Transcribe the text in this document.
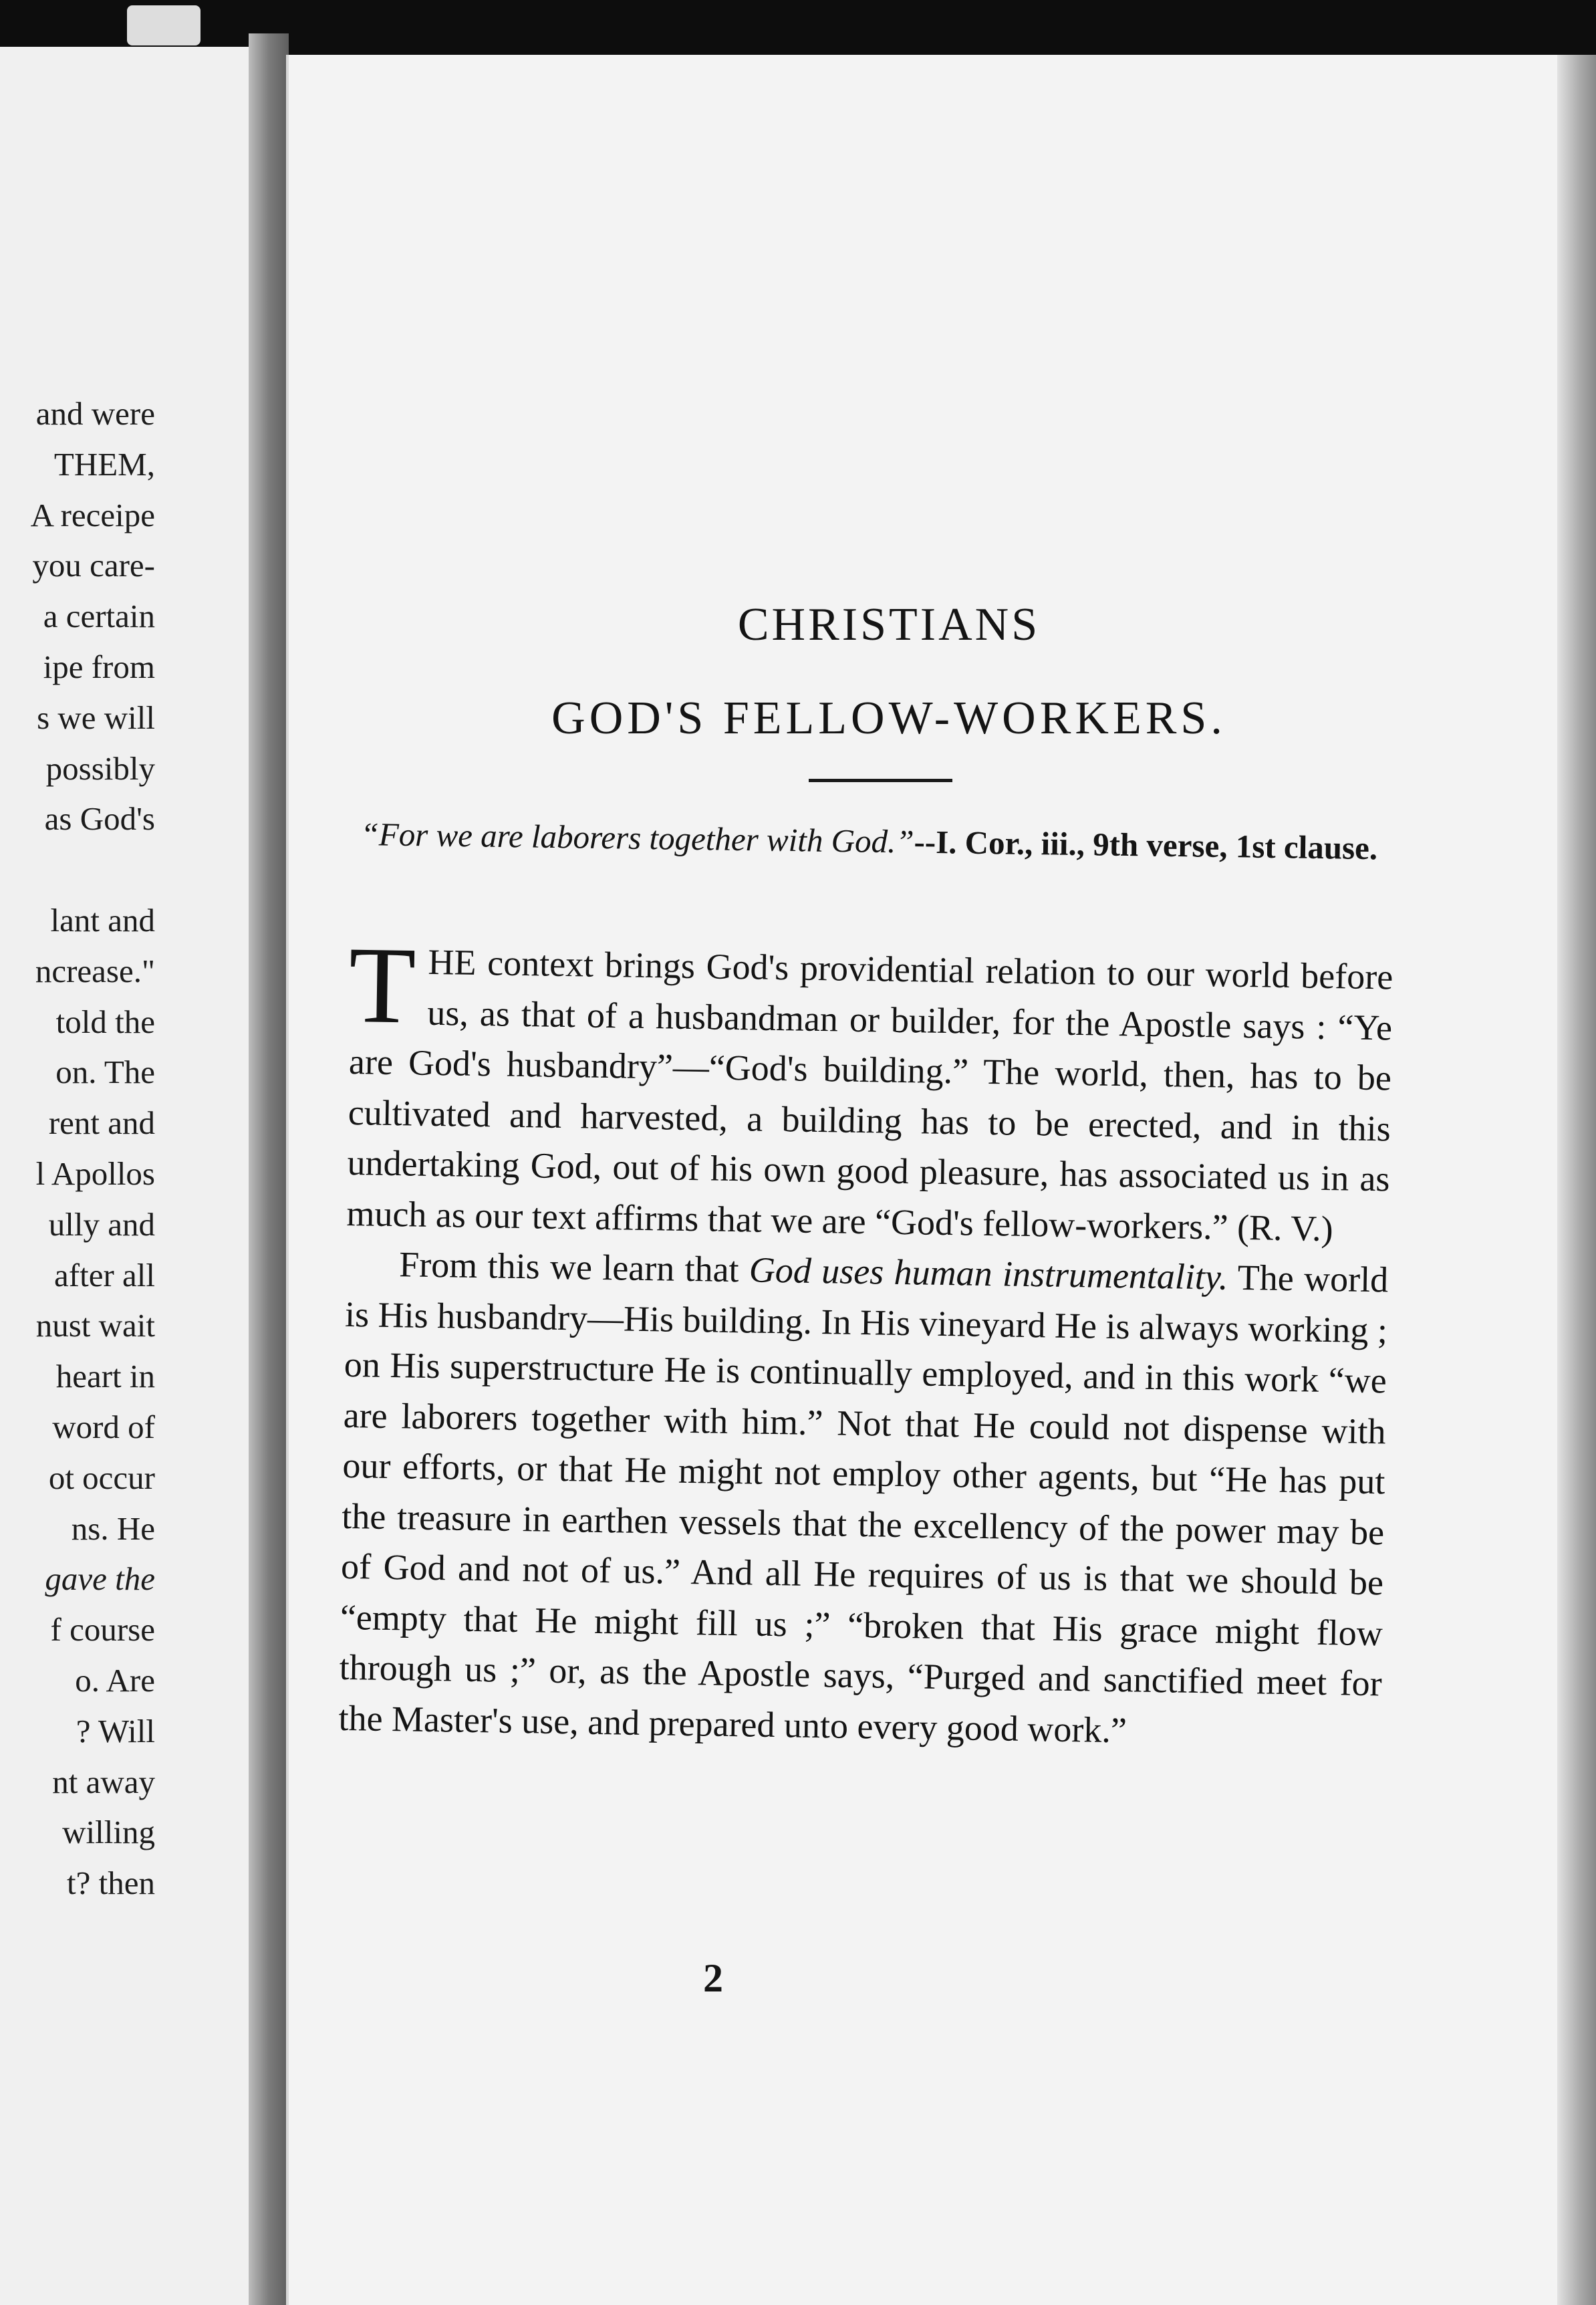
CHRISTIANS
GOD'S FELLOW-WORKERS.
“For we are laborers together with God.”--I. Cor., iii., 9th verse, 1st clause.

THE context brings God's providential relation to our world before us, as that of a husbandman or builder, for the Apostle says : “Ye are God's husbandry”—“God's building.” The world, then, has to be cultivated and harvested, a building has to be erected, and in this undertaking God, out of his own good pleasure, has associated us in as much as our text affirms that we are “God's fellow-workers.” (R. V.)

From this we learn that God uses human instrumentality. The world is His husbandry—His building. In His vineyard He is always working ; on His superstructure He is continually employed, and in this work “we are laborers together with him.” Not that He could not dispense with our efforts, or that He might not employ other agents, but “He has put the treasure in earthen vessels that the excellency of the power may be of God and not of us.” And all He requires of us is that we should be “empty that He might fill us ;” “broken that His grace might flow through us ;” or, as the Apostle says, “Purged and sanctified meet for the Master's use, and prepared unto every good work.”

2
and were
THEM,
A receipe
you care-
a certain
ipe from
s we will
possibly
as God's
lant and
ncrease."
told the
on. The
rent and
l Apollos
ully and
after all
nust wait
heart in
word of
ot occur
ns. He
gave the
f course
o. Are
? Will
nt away
willing
t? then
